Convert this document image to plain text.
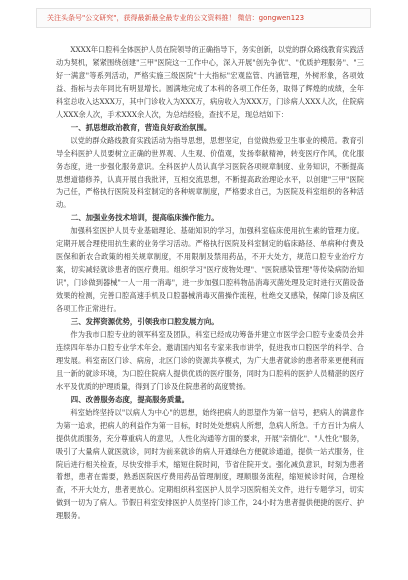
关注头条号"公文研究"，获得最新最全最专业的公文资料推！ 微信：gongwen123

XXXX年口腔科全体医护人员在院领导的正确指导下，务实创新，以党的群众路线教育实践活动为契机，紧紧围绕创建"三甲"医院这一工作中心，深入开展"创先争优"、"优质护理服务"、"三好一满意"等系列活动，严格实施三级医院"十大指标"宏观监管、内涵管理，外树形象，各项效益、指标与去年同比有明显增长。圆满地完成了本科的各项工作任务，取得了辉煌的成绩，全年科室总收入达XXX万，其中门诊收入为XXX万，病房收入为XXX万，门诊病人XXX人次，住院病人XXX余人次，手术XXX余人次，为总结经验，查找不足，现总结如下：

一、抓思想政治教育，营造良好政治氛围。

以党的群众路线教育实践活动为指导思想，思想坚定，自觉做热爱卫生事业的模范。教育引导全科医护人员要树立正确的世界观、人生观、价值观，发扬奉献精神，转变医疗作风，优化服务态度，进一步强化服务意识。全科医护人员认真学习医院各项规章制度、业务知识，不断提高思想道德修养，认真开展自我批评，互相交流思想，不断提高政治理论水平，以创建"三甲"医院为己任，严格执行医院及科室制定的各种规章制度，严格要求自己，为医院及科室组织的各种活动。

二、加强业务技术培训，提高临床操作能力。

加强科室医护人员专业基础理论、基础知识的学习，加强科室临床使用抗生素的管理力度。定期开展合理使用抗生素的业务学习活动。严格执行医院及科室制定的临床路径、单病种付费及医保和新农合政策的相关规章制度，不用限制及禁用药品，不开大处方，规范口腔专业治疗方案，切实减轻就诊患者的医疗费用。组织学习"医疗废物处理"、"医院感染管理"等传染病防治知识"，门诊做到器械"一人一用一消毒"，进一步加强口腔科物品消毒灭菌处理及定时进行灭菌设备效果的检测，完善口腔高速手机及口腔器械消毒灭菌操作流程，杜绝交叉感染，保障门诊及病区各项工作正常进行。

三、发挥资源优势，引领我市口腔发展方向。

作为我市口腔专业的领军科室及团队，科室已经成功筹备并建立市医学会口腔专业委员会并连续四年举办口腔专业学术年会。邀请国内知名专家来我市讲学，促进我市口腔医学的科学、合理发展。科室南区门诊、病房，北区门诊的资源共享模式，为广大患者就诊的患者带来更便利而且一新的就诊环境，为口腔住院病人提供优质的医疗服务，同时为口腔科的医护人员精湛的医疗水平及优质的护理质量，得到了门诊及住院患者的高度赞扬。

四、改善服务态度，提高服务质量。

科室始终坚持以"以病人为中心"的思想，始终把病人的思望作为第一信号，把病人的满意作为第一追求，把病人的利益作为第一目标，时时处处想病人所想，急病人所急。千方百计为病人提供优质服务，充分尊重病人的意见，人性化沟通等方面的要求，开展"亲情化"、"人性化"服务，吸引了大量病人就医就诊，同时为前来就诊的病人开通绿色方便就诊通道，提供一站式服务，住院后进行相关检查，尽快安排手术，缩短住院时间，节省住院开支。强化减负意识，时刻为患者着想，患者在需要，熟悉医院医疗费用药品管理制度，理顺服务流程，缩短候诊时间，合理检查，不开大处方，患者更放心。定期组织科室医护人员学习医院相关文件，进行专题学习，切实做到一切为了病人。节假日科室安排医护人员坚持门诊工作，24小时为患者提供便捷的医疗、护理服务。
